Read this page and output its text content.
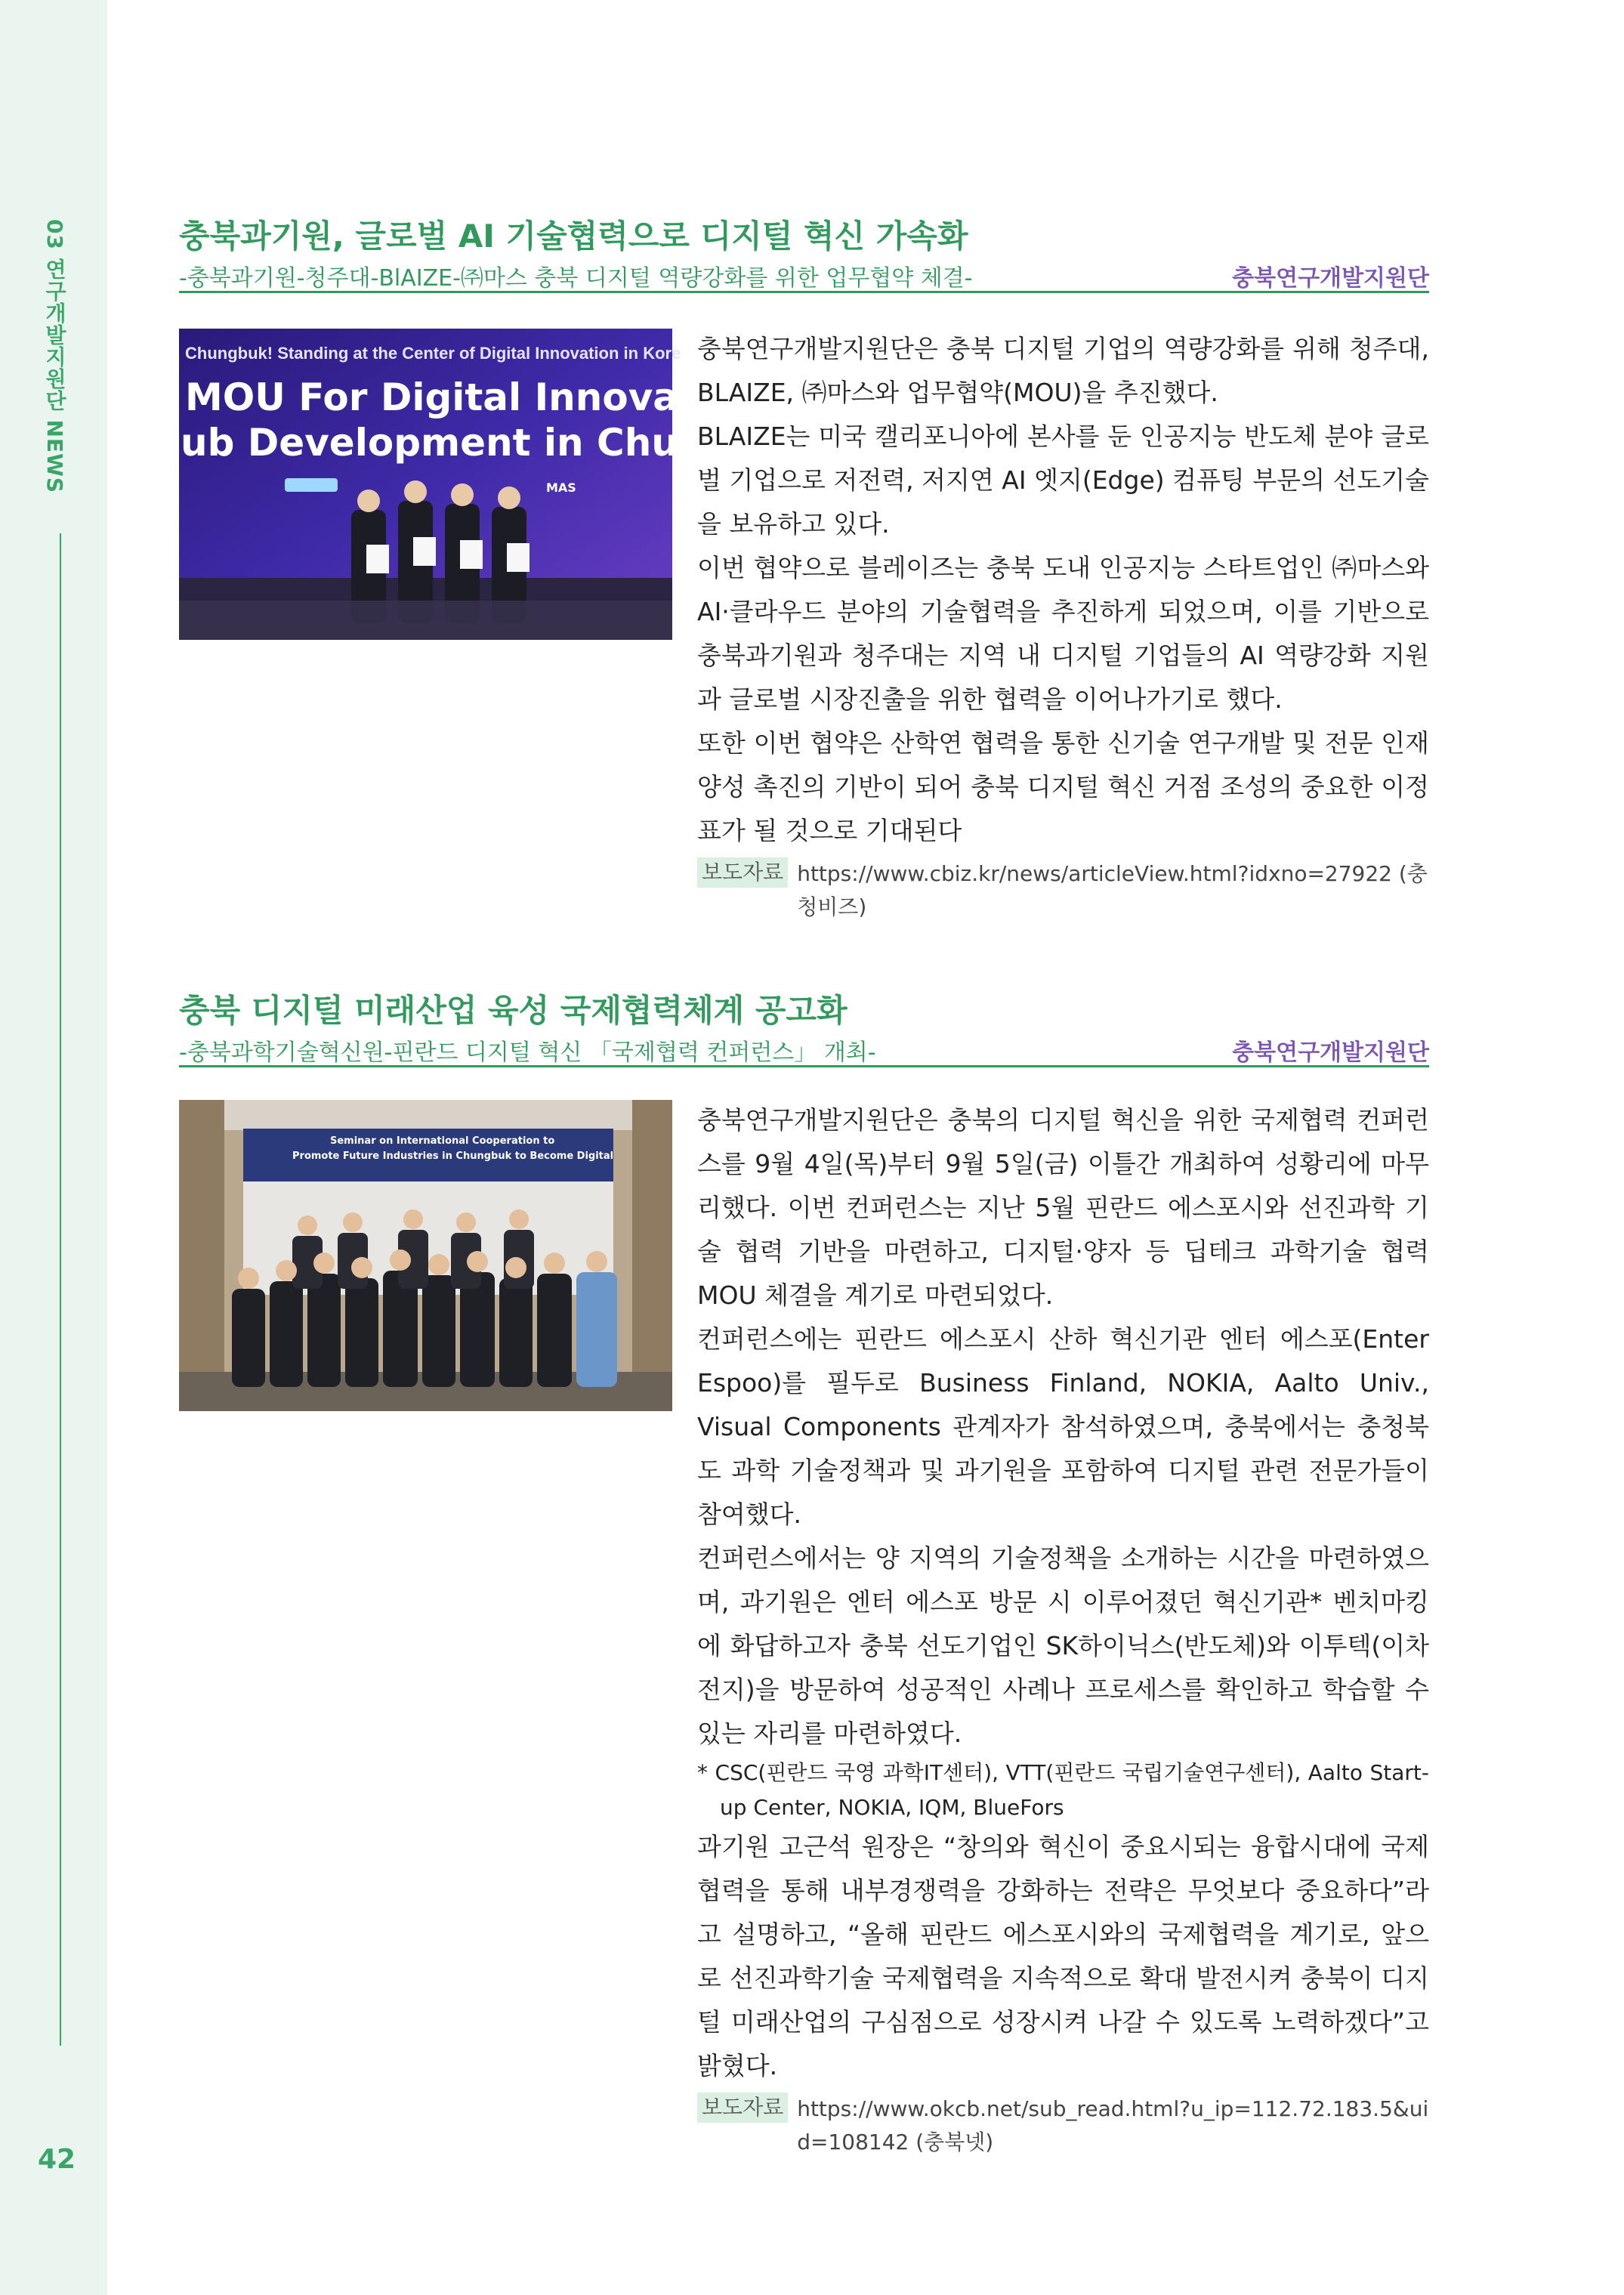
03 연구개발지원단 NEWS
42
충북과기원, 글로벌 AI 기술협력으로 디지털 혁신 가속화
-충북과기원-청주대-BlAIZE-㈜마스 충북 디지털 역량강화를 위한 업무협약 체결-	충북연구개발지원단
Chungbuk! Standing at the Center of Digital Innovation in Kore
MOU For Digital Innovation
ub Development in Chungbu
MAS

충북연구개발지원단은 충북 디지털 기업의 역량강화를 위해 청주대, BLAIZE, ㈜마스와 업무협약(MOU)을 추진했다.

BLAIZE는 미국 캘리포니아에 본사를 둔 인공지능 반도체 분야 글로벌 기업으로 저전력, 저지연 AI 엣지(Edge) 컴퓨팅 부문의 선도기술을 보유하고 있다.

이번 협약으로 블레이즈는 충북 도내 인공지능 스타트업인 ㈜마스와 AI·클라우드 분야의 기술협력을 추진하게 되었으며, 이를 기반으로 충북과기원과 청주대는 지역 내 디지털 기업들의 AI 역량강화 지원과 글로벌 시장진출을 위한 협력을 이어나가기로 했다.

또한 이번 협약은 산학연 협력을 통한 신기술 연구개발 및 전문 인재 양성 촉진의 기반이 되어 충북 디지털 혁신 거점 조성의 중요한 이정표가 될 것으로 기대된다

보도자료 https://www.cbiz.kr/news/articleView.html?idxno=27922 (충청비즈)
충북 디지털 미래산업 육성 국제협력체계 공고화
-충북과학기술혁신원-핀란드 디지털 혁신 「국제협력 컨퍼런스」 개최-	충북연구개발지원단
Seminar on International Cooperation to
Promote Future Industries in Chungbuk to Become Digital

충북연구개발지원단은 충북의 디지털 혁신을 위한 국제협력 컨퍼런스를 9월 4일(목)부터 9월 5일(금) 이틀간 개최하여 성황리에 마무리했다. 이번 컨퍼런스는 지난 5월 핀란드 에스포시와 선진과학 기술 협력 기반을 마련하고, 디지털·양자 등 딥테크 과학기술 협력 MOU 체결을 계기로 마련되었다.

컨퍼런스에는 핀란드 에스포시 산하 혁신기관 엔터 에스포(Enter Espoo)를 필두로 Business Finland, NOKIA, Aalto Univ., Visual Components 관계자가 참석하였으며, 충북에서는 충청북도 과학 기술정책과 및 과기원을 포함하여 디지털 관련 전문가들이 참여했다.

컨퍼런스에서는 양 지역의 기술정책을 소개하는 시간을 마련하였으며, 과기원은 엔터 에스포 방문 시 이루어졌던 혁신기관* 벤치마킹에 화답하고자 충북 선도기업인 SK하이닉스(반도체)와 이투텍(이차전지)을 방문하여 성공적인 사례나 프로세스를 확인하고 학습할 수 있는 자리를 마련하였다.

* CSC(핀란드 국영 과학IT센터), VTT(핀란드 국립기술연구센터), Aalto Start-up Center, NOKIA, IQM, BlueFors

과기원 고근석 원장은 “창의와 혁신이 중요시되는 융합시대에 국제협력을 통해 내부경쟁력을 강화하는 전략은 무엇보다 중요하다”라고 설명하고, “올해 핀란드 에스포시와의 국제협력을 계기로, 앞으로 선진과학기술 국제협력을 지속적으로 확대 발전시켜 충북이 디지털 미래산업의 구심점으로 성장시켜 나갈 수 있도록 노력하겠다”고 밝혔다.

보도자료 https://www.okcb.net/sub_read.html?u_ip=112.72.183.5&uid=108142 (충북넷)
